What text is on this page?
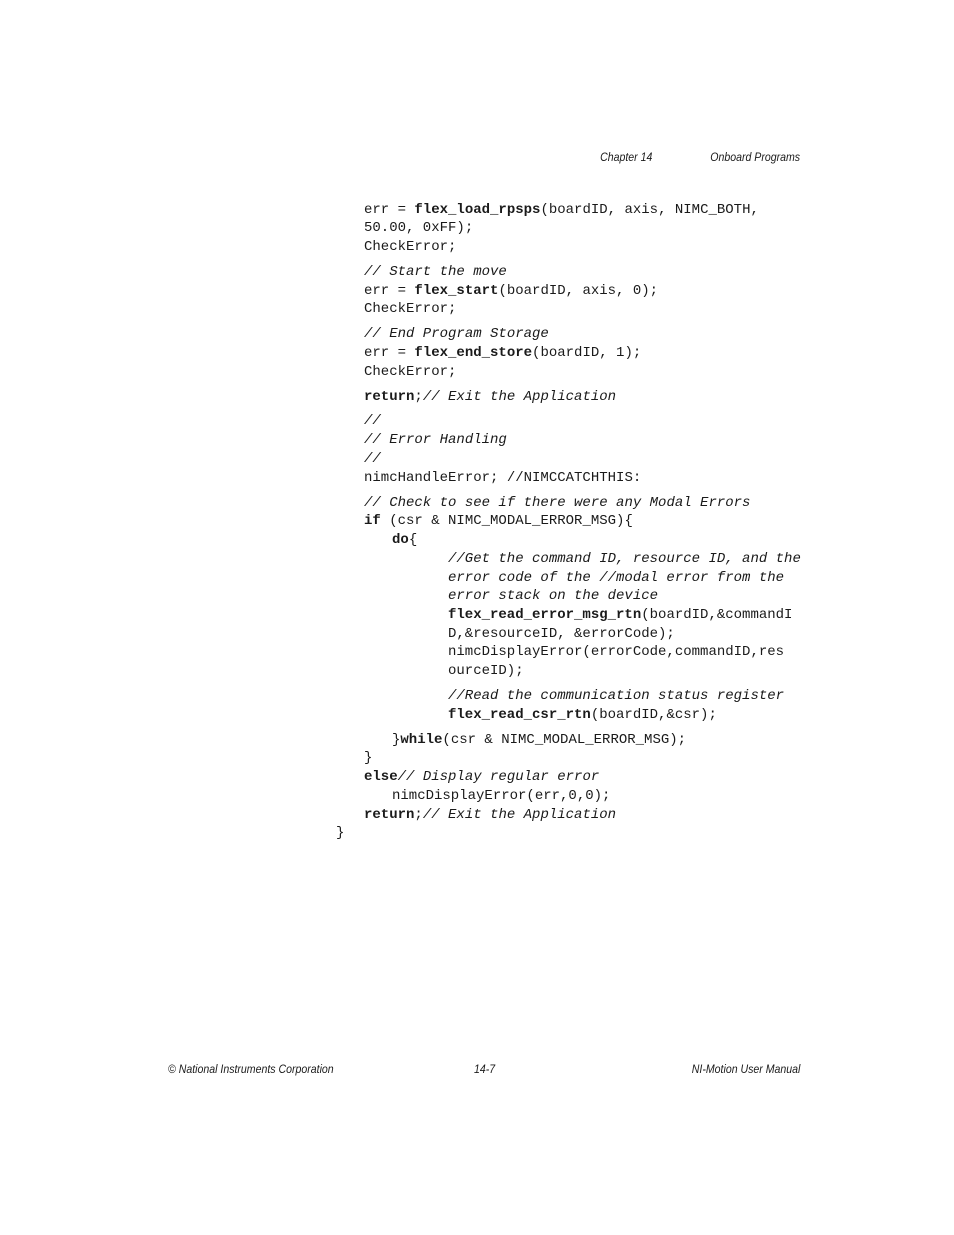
Chapter 14	Onboard Programs
err = flex_load_rpsps(boardID, axis, NIMC_BOTH,
50.00, 0xFF);
CheckError;
// Start the move
err = flex_start(boardID, axis, 0);
CheckError;
// End Program Storage
err = flex_end_store(boardID, 1);
CheckError;
return;// Exit the Application
//
// Error Handling
//
nimcHandleError; //NIMCCATCHTHIS:
// Check to see if there were any Modal Errors
if (csr & NIMC_MODAL_ERROR_MSG){
do{
//Get the command ID, resource ID, and the
error code of the //modal error from the
error stack on the device
flex_read_error_msg_rtn(boardID,&commandI
D,&resourceID, &errorCode);
nimcDisplayError(errorCode,commandID,res
ourceID);
//Read the communication status register
flex_read_csr_rtn(boardID,&csr);
}while(csr & NIMC_MODAL_ERROR_MSG);
}
else// Display regular error
nimcDisplayError(err,0,0);
return;// Exit the Application
}
© National Instruments Corporation	14-7	NI-Motion User Manual
